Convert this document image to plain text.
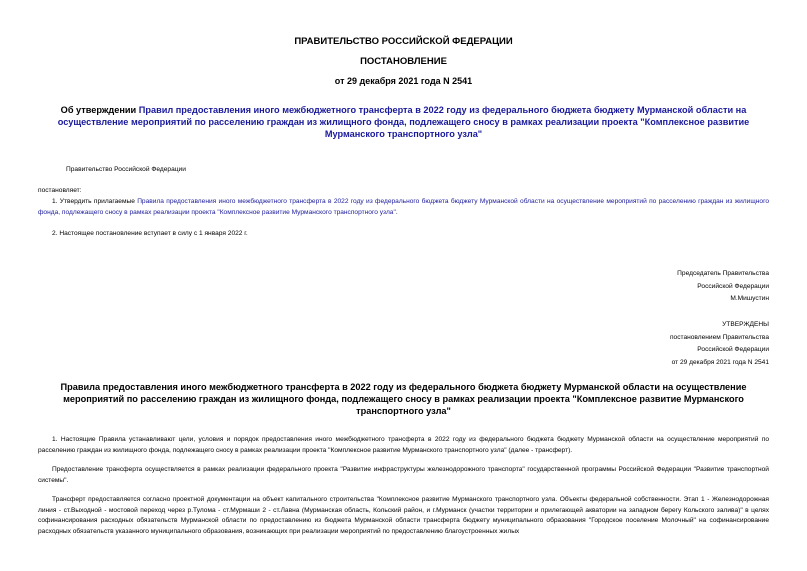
ПРАВИТЕЛЬСТВО РОССИЙСКОЙ ФЕДЕРАЦИИ
ПОСТАНОВЛЕНИЕ
от 29 декабря 2021 года N 2541
Об утверждении Правил предоставления иного межбюджетного трансферта в 2022 году из федерального бюджета бюджету Мурманской области на осуществление мероприятий по расселению граждан из жилищного фонда, подлежащего сносу в рамках реализации проекта "Комплексное развитие Мурманского транспортного узла"
Правительство Российской Федерации
постановляет:
1. Утвердить прилагаемые Правила предоставления иного межбюджетного трансферта в 2022 году из федерального бюджета бюджету Мурманской области на осуществление мероприятий по расселению граждан из жилищного фонда, подлежащего сносу в рамках реализации проекта "Комплексное развитие Мурманского транспортного узла".
2. Настоящее постановление вступает в силу с 1 января 2022 г.
Председатель Правительства
Российской Федерации
М.Мишустин
УТВЕРЖДЕНЫ
постановлением Правительства
Российской Федерации
от 29 декабря 2021 года N 2541
Правила предоставления иного межбюджетного трансферта в 2022 году из федерального бюджета бюджету Мурманской области на осуществление мероприятий по расселению граждан из жилищного фонда, подлежащего сносу в рамках реализации проекта "Комплексное развитие Мурманского транспортного узла"
1. Настоящие Правила устанавливают цели, условия и порядок предоставления иного межбюджетного трансферта в 2022 году из федерального бюджета бюджету Мурманской области на осуществление мероприятий по расселению граждан из жилищного фонда, подлежащего сносу в рамках реализации проекта "Комплексное развитие Мурманского транспортного узла" (далее - трансферт).
Предоставление трансферта осуществляется в рамках реализации федерального проекта "Развитие инфраструктуры железнодорожного транспорта" государственной программы Российской Федерации "Развитие транспортной системы".
Трансферт предоставляется согласно проектной документации на объект капитального строительства "Комплексное развитие Мурманского транспортного узла. Объекты федеральной собственности. Этап 1 - Железнодорожная линия - ст.Выходной - мостовой переход через р.Тулома - ст.Мурмаши 2 - ст.Лавна (Мурманская область, Кольский район, и г.Мурманск (участки территории и прилегающей акватории на западном берегу Кольского залива)" в целях софинансирования расходных обязательств Мурманской области по предоставлению из бюджета Мурманской области трансферта бюджету муниципального образования "Городское поселение Молочный" на софинансирование расходных обязательств указанного муниципального образования, возникающих при реализации мероприятий по предоставлению благоустроенных жилых
